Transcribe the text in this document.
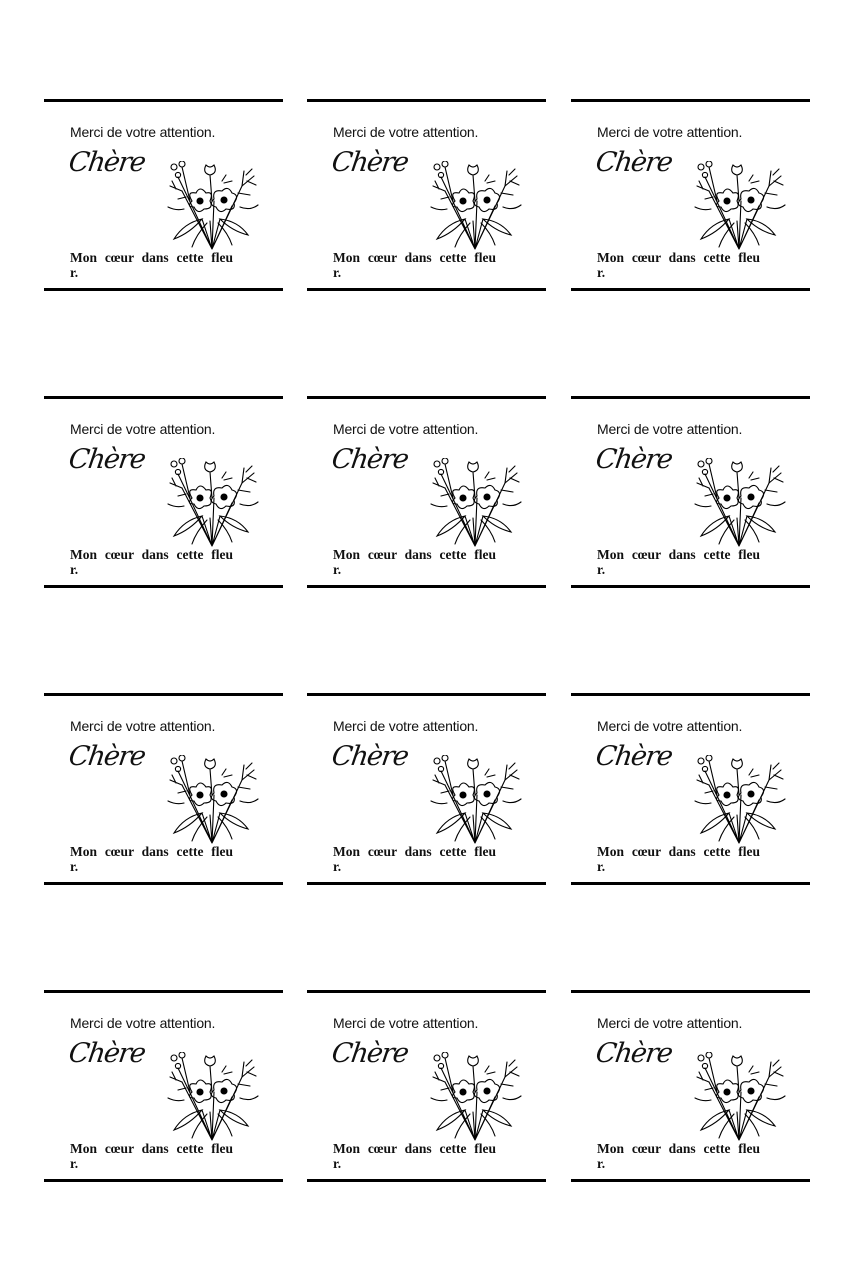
Merci de votre attention.
Chère
Mon cœur dans cette fleu
r.
Merci de votre attention.
Chère
Mon cœur dans cette fleu
r.
Merci de votre attention.
Chère
Mon cœur dans cette fleu
r.
Merci de votre attention.
Chère
Mon cœur dans cette fleu
r.
Merci de votre attention.
Chère
Mon cœur dans cette fleu
r.
Merci de votre attention.
Chère
Mon cœur dans cette fleu
r.
Merci de votre attention.
Chère
Mon cœur dans cette fleu
r.
Merci de votre attention.
Chère
Mon cœur dans cette fleu
r.
Merci de votre attention.
Chère
Mon cœur dans cette fleu
r.
Merci de votre attention.
Chère
Mon cœur dans cette fleu
r.
Merci de votre attention.
Chère
Mon cœur dans cette fleu
r.
Merci de votre attention.
Chère
Mon cœur dans cette fleu
r.
